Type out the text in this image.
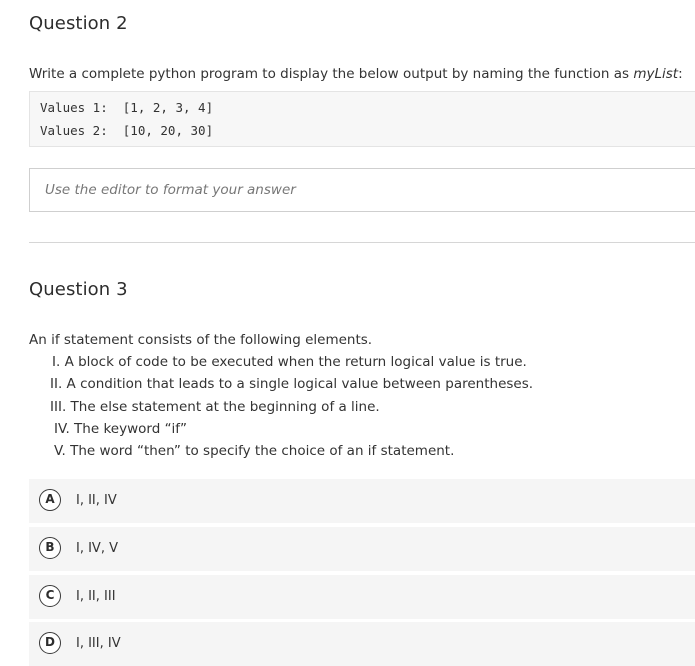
Question 2
Write a complete python program to display the below output by naming the function as myList:
Values 1:  [1, 2, 3, 4]
Values 2:  [10, 20, 30]
Use the editor to format your answer
Question 3
An if statement consists of the following elements.
I. A block of code to be executed when the return logical value is true.
II. A condition that leads to a single logical value between parentheses.
III. The else statement at the beginning of a line.
IV. The keyword “if”
V. The word “then” to specify the choice of an if statement.
A	I, II, IV
B	I, IV, V
C	I, II, III
D	I, III, IV
